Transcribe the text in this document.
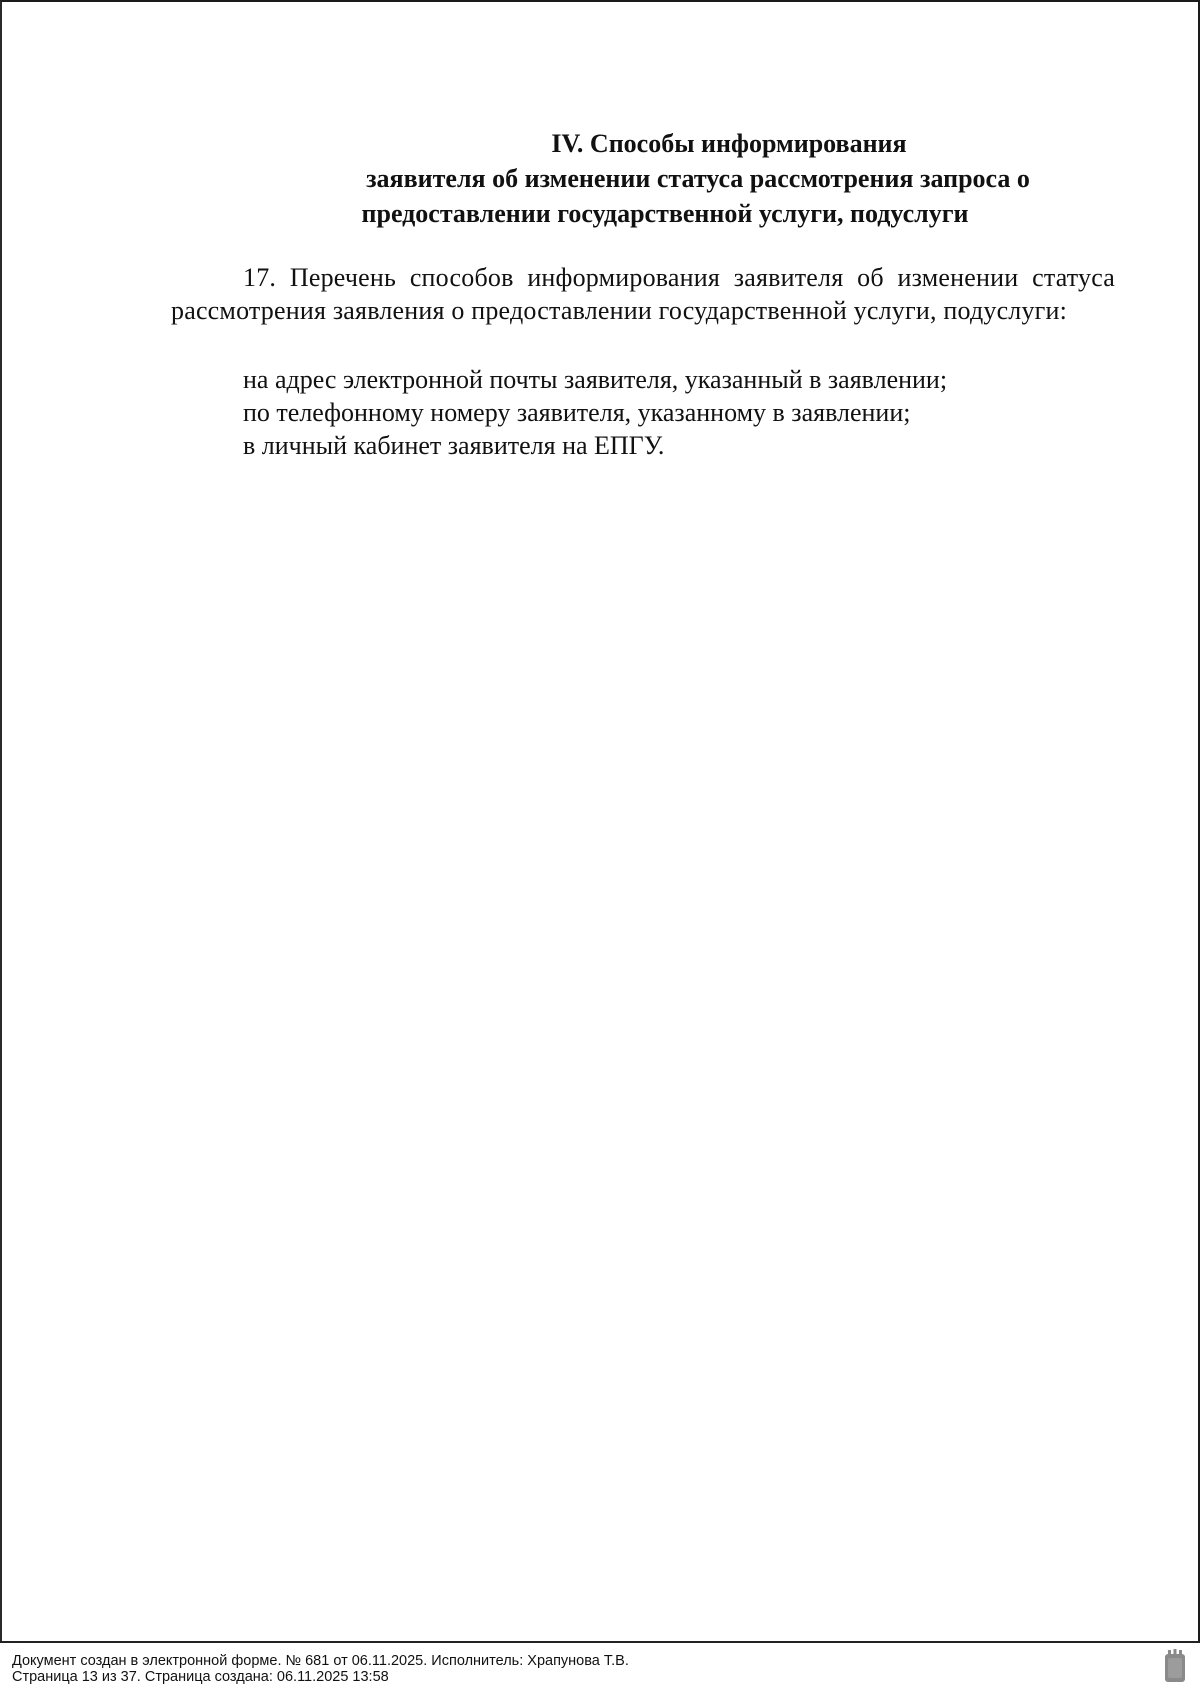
IV. Способы информирования
заявителя об изменении статуса рассмотрения запроса о
предоставлении государственной услуги, подуслуги
17. Перечень способов информирования заявителя об изменении статуса рассмотрения заявления о предоставлении государственной услуги, подуслуги:
на адрес электронной почты заявителя, указанный в заявлении;
по телефонному номеру заявителя, указанному в заявлении;
в личный кабинет заявителя на ЕПГУ.
Документ создан в электронной форме. № 681 от 06.11.2025. Исполнитель: Храпунова Т.В.
Страница 13 из 37. Страница создана: 06.11.2025 13:58
